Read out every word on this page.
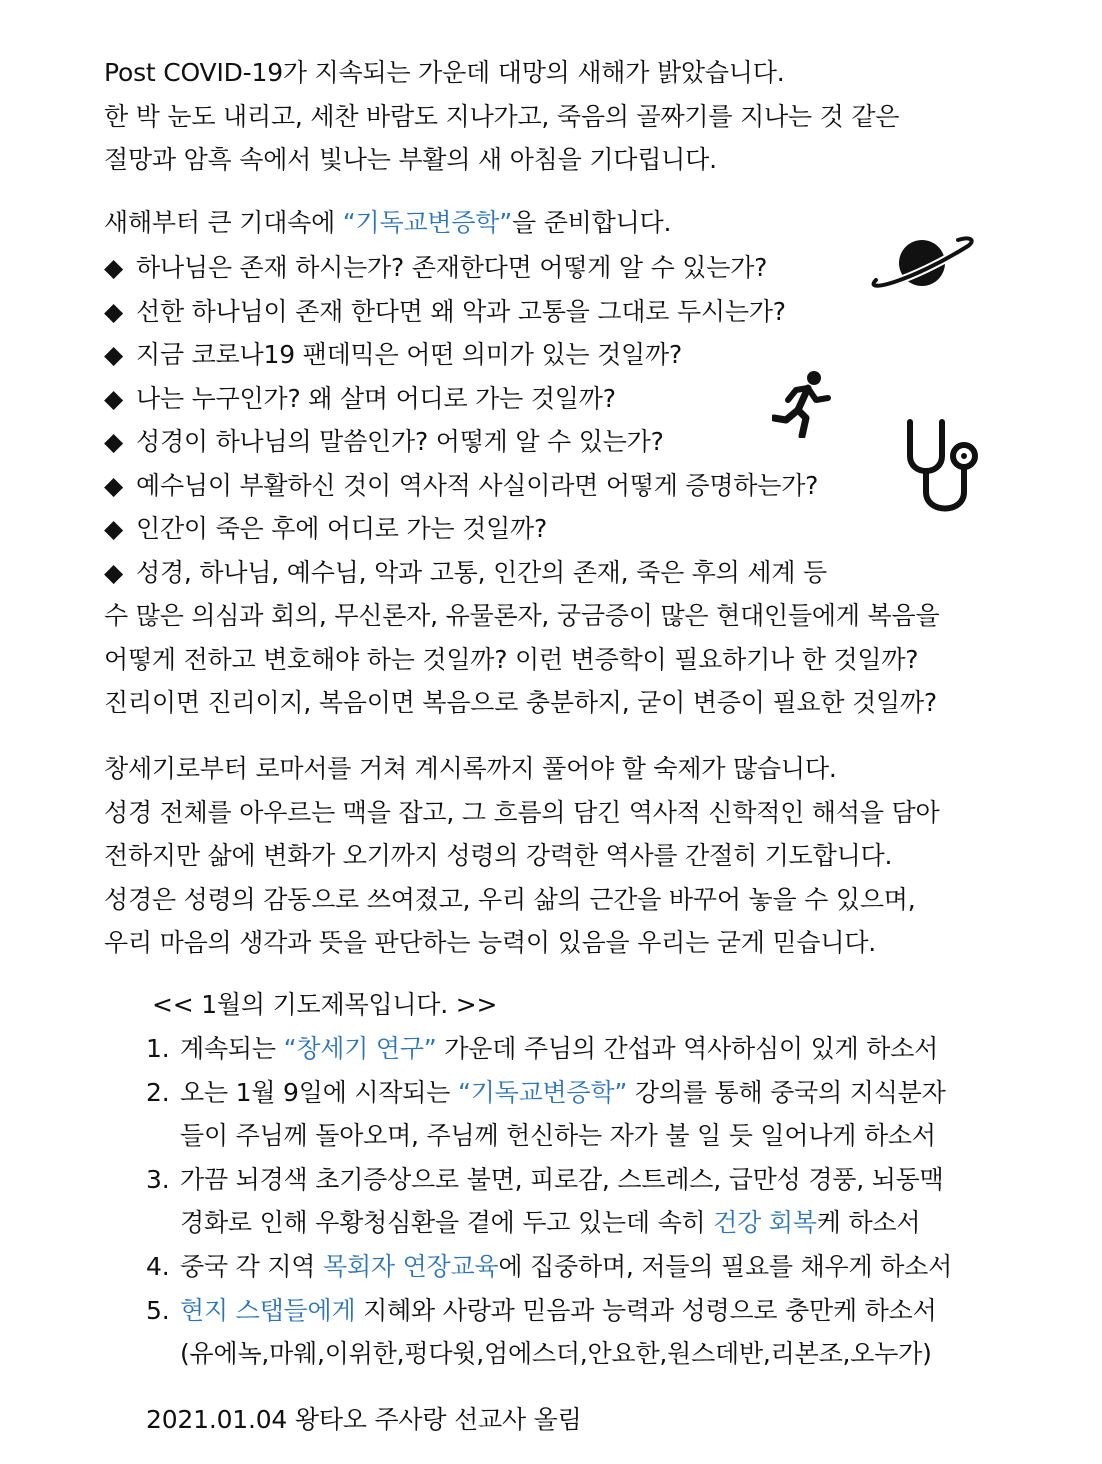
Post COVID-19가 지속되는 가운데 대망의 새해가 밝았습니다.
한 박 눈도 내리고, 세찬 바람도 지나가고, 죽음의 골짜기를 지나는 것 같은
절망과 암흑 속에서 빛나는 부활의 새 아침을 기다립니다.
새해부터 큰 기대속에 “기독교변증학”을 준비합니다.
◆ 하나님은 존재 하시는가? 존재한다면 어떻게 알 수 있는가?
◆ 선한 하나님이 존재 한다면 왜 악과 고통을 그대로 두시는가?
◆ 지금 코로나19 팬데믹은 어떤 의미가 있는 것일까?
◆ 나는 누구인가? 왜 살며 어디로 가는 것일까?
◆ 성경이 하나님의 말씀인가? 어떻게 알 수 있는가?
◆ 예수님이 부활하신 것이 역사적 사실이라면 어떻게 증명하는가?
◆ 인간이 죽은 후에 어디로 가는 것일까?
◆ 성경, 하나님, 예수님, 악과 고통, 인간의 존재, 죽은 후의 세계 등
수 많은 의심과 회의, 무신론자, 유물론자, 궁금증이 많은 현대인들에게 복음을
어떻게 전하고 변호해야 하는 것일까? 이런 변증학이 필요하기나 한 것일까?
진리이면 진리이지, 복음이면 복음으로 충분하지, 굳이 변증이 필요한 것일까?
창세기로부터 로마서를 거쳐 계시록까지 풀어야 할 숙제가 많습니다.
성경 전체를 아우르는 맥을 잡고, 그 흐름의 담긴 역사적 신학적인 해석을 담아
전하지만 삶에 변화가 오기까지 성령의 강력한 역사를 간절히 기도합니다.
성경은 성령의 감동으로 쓰여졌고, 우리 삶의 근간을 바꾸어 놓을 수 있으며,
우리 마음의 생각과 뜻을 판단하는 능력이 있음을 우리는 굳게 믿습니다.
<< 1월의 기도제목입니다. >>
1. 계속되는 “창세기 연구” 가운데 주님의 간섭과 역사하심이 있게 하소서
2. 오는 1월 9일에 시작되는 “기독교변증학” 강의를 통해 중국의 지식분자
들이 주님께 돌아오며, 주님께 헌신하는 자가 불 일 듯 일어나게 하소서
3. 가끔 뇌경색 초기증상으로 불면, 피로감, 스트레스, 급만성 경풍, 뇌동맥
경화로 인해 우황청심환을 곁에 두고 있는데 속히 건강 회복케 하소서
4. 중국 각 지역 목회자 연장교육에 집중하며, 저들의 필요를 채우게 하소서
5. 현지 스탭들에게 지혜와 사랑과 믿음과 능력과 성령으로 충만케 하소서
(유에녹,마웨,이위한,펑다윗,엄에스더,안요한,원스데반,리본조,오누가)
2021.01.04 왕타오 주사랑 선교사 올림
